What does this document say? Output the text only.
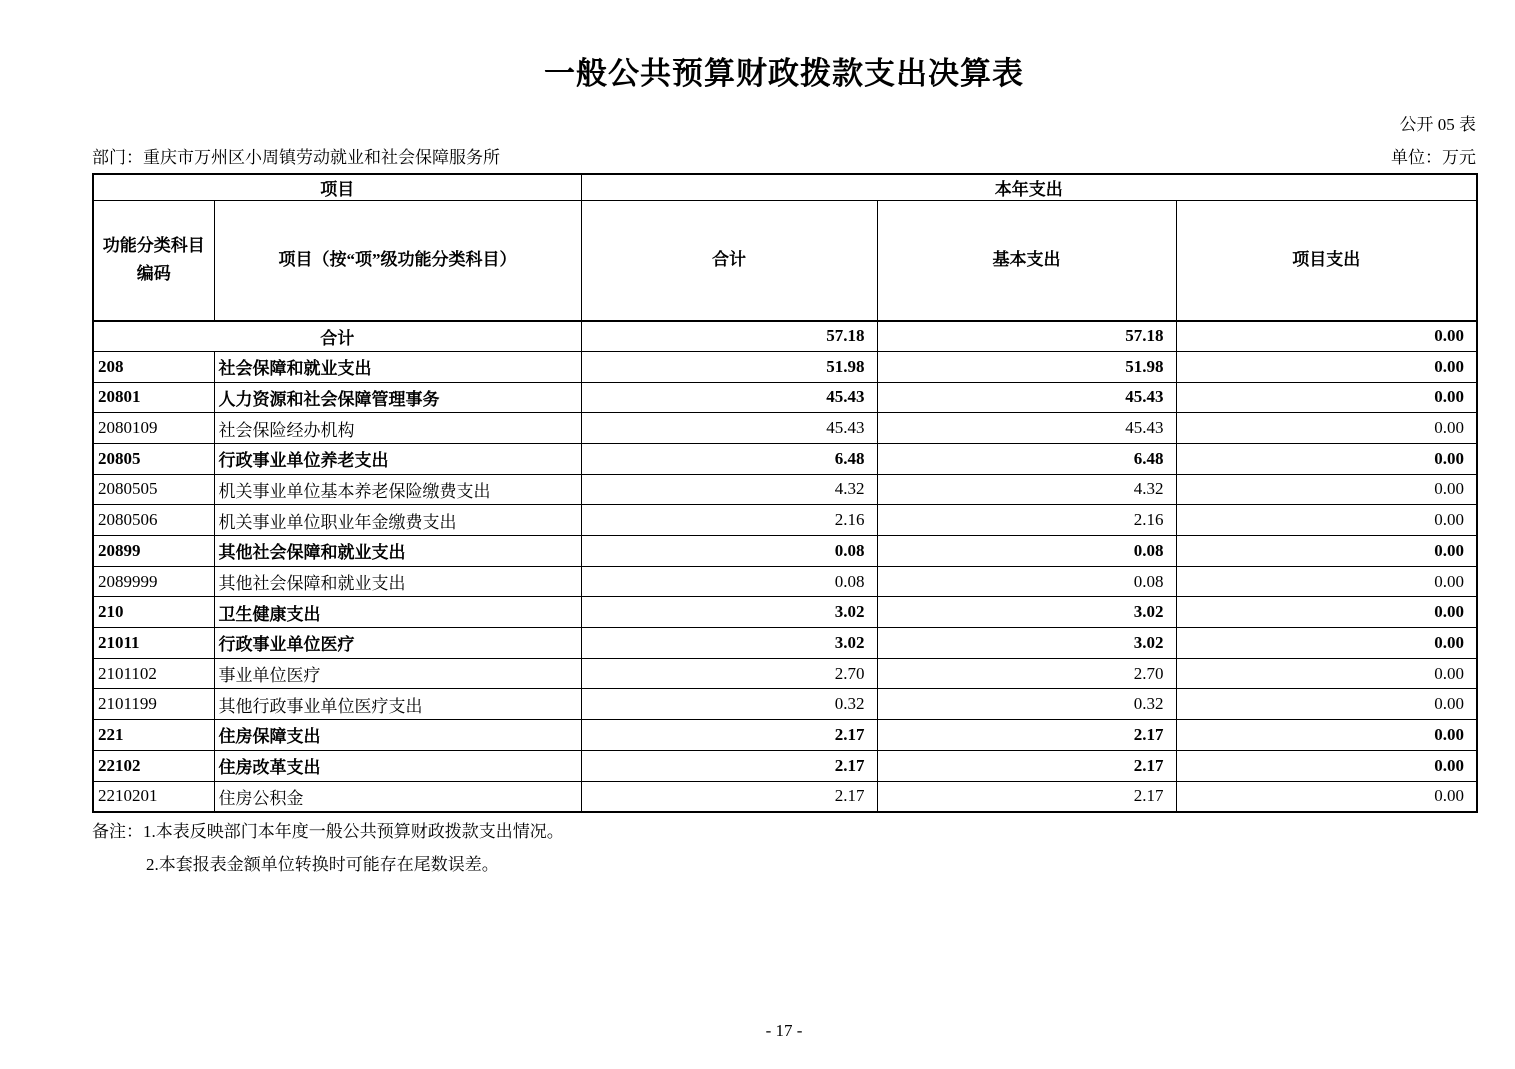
一般公共预算财政拨款支出决算表
公开 05 表
部门：重庆市万州区小周镇劳动就业和社会保障服务所	单位：万元
项目		本年支出		
功能分类科目编码	项目（按“项”级功能分类科目）	合计	基本支出	项目支出
合计		57.18	57.18	0.00
208	社会保障和就业支出	51.98	51.98	0.00
20801	人力资源和社会保障管理事务	45.43	45.43	0.00
2080109	社会保险经办机构	45.43	45.43	0.00
20805	行政事业单位养老支出	6.48	6.48	0.00
2080505	机关事业单位基本养老保险缴费支出	4.32	4.32	0.00
2080506	机关事业单位职业年金缴费支出	2.16	2.16	0.00
20899	其他社会保障和就业支出	0.08	0.08	0.00
2089999	其他社会保障和就业支出	0.08	0.08	0.00
210	卫生健康支出	3.02	3.02	0.00
21011	行政事业单位医疗	3.02	3.02	0.00
2101102	事业单位医疗	2.70	2.70	0.00
2101199	其他行政事业单位医疗支出	0.32	0.32	0.00
221	住房保障支出	2.17	2.17	0.00
22102	住房改革支出	2.17	2.17	0.00
2210201	住房公积金	2.17	2.17	0.00
备注：1.本表反映部门本年度一般公共预算财政拨款支出情况。
2.本套报表金额单位转换时可能存在尾数误差。
- 17 -
